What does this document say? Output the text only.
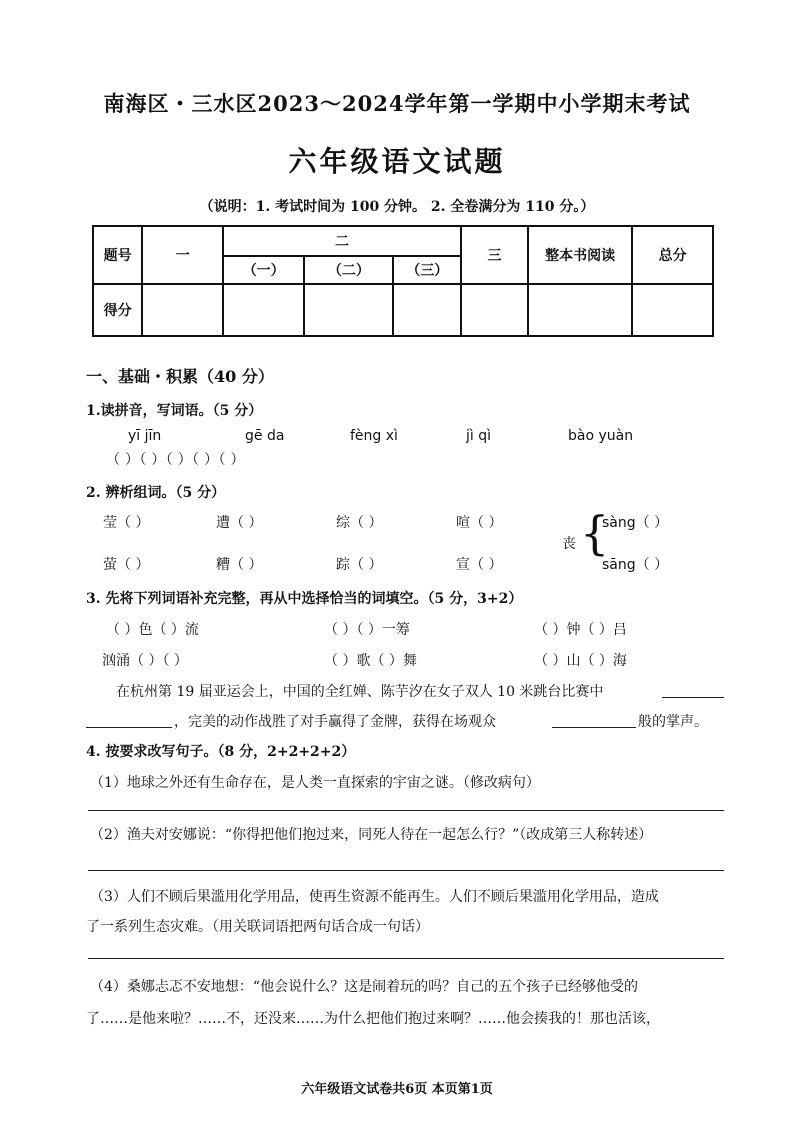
南海区・三水区2023～2024学年第一学期中小学期末考试
六年级语文试题
（说明：1. 考试时间为 100 分钟。 2. 全卷满分为 110 分。）
题号	一	二			三	整本书阅读	总分
		（一）	（二）	（三）			
得分							
一、基础・积累（40 分）
1.读拼音，写词语。（5 分）
yī jīn	gē da	fèng xì	jì qì	bào yuàn
（ ）（ ）（ ）（ ）（ ）
2. 辨析组词。（5 分）
莹（ ）	遭（ ）	综（ ）	喧（ ）
萤（ ）	糟（ ）	踪（ ）	宣（ ）
丧 {
sàng（ ）
sāng（ ）
3. 先将下列词语补充完整，再从中选择恰当的词填空。（5 分，3+2）
（ ）色（ ）流	（ ）（ ）一筹	（ ）钟（ ）吕
汹涌（ ）（ ）	（ ）歌（ ）舞	（ ）山（ ）海
在杭州第 19 届亚运会上，中国的全红婵、陈芋汐在女子双人 10 米跳台比赛中
，完美的动作战胜了对手赢得了金牌，获得在场观众	般的掌声。
4. 按要求改写句子。（8 分，2+2+2+2）
（1）地球之外还有生命存在，是人类一直探索的宇宙之谜。（修改病句）
（2）渔夫对安娜说：“你得把他们抱过来，同死人待在一起怎么行？”（改成第三人称转述）
（3）人们不顾后果滥用化学用品，使再生资源不能再生。人们不顾后果滥用化学用品，造成
了一系列生态灾难。（用关联词语把两句话合成一句话）
（4）桑娜忐忑不安地想：“他会说什么？这是闹着玩的吗？自己的五个孩子已经够他受的
了……是他来啦？……不，还没来……为什么把他们抱过来啊？……他会揍我的！那也活该，
六年级语文试卷共6页 本页第1页
